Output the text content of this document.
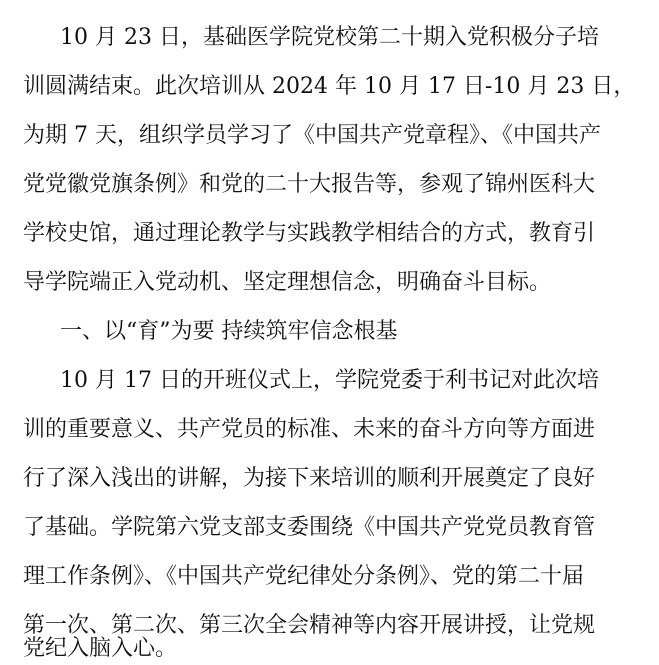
10 月 23 日，基础医学院党校第二十期入党积极分子培
训圆满结束。此次培训从 2024 年 10 月 17 日-10 月 23 日，
为期 7 天，组织学员学习了《中国共产党章程》、《中国共产
党党徽党旗条例》和党的二十大报告等，参观了锦州医科大
学校史馆，通过理论教学与实践教学相结合的方式，教育引
导学院端正入党动机、坚定理想信念，明确奋斗目标。
一、以“育”为要 持续筑牢信念根基
10 月 17 日的开班仪式上，学院党委于利书记对此次培
训的重要意义、共产党员的标准、未来的奋斗方向等方面进
行了深入浅出的讲解，为接下来培训的顺利开展奠定了良好
了基础。学院第六党支部支委围绕《中国共产党党员教育管
理工作条例》、《中国共产党纪律处分条例》、党的第二十届
第一次、第二次、第三次全会精神等内容开展讲授，让党规
党纪入脑入心。
